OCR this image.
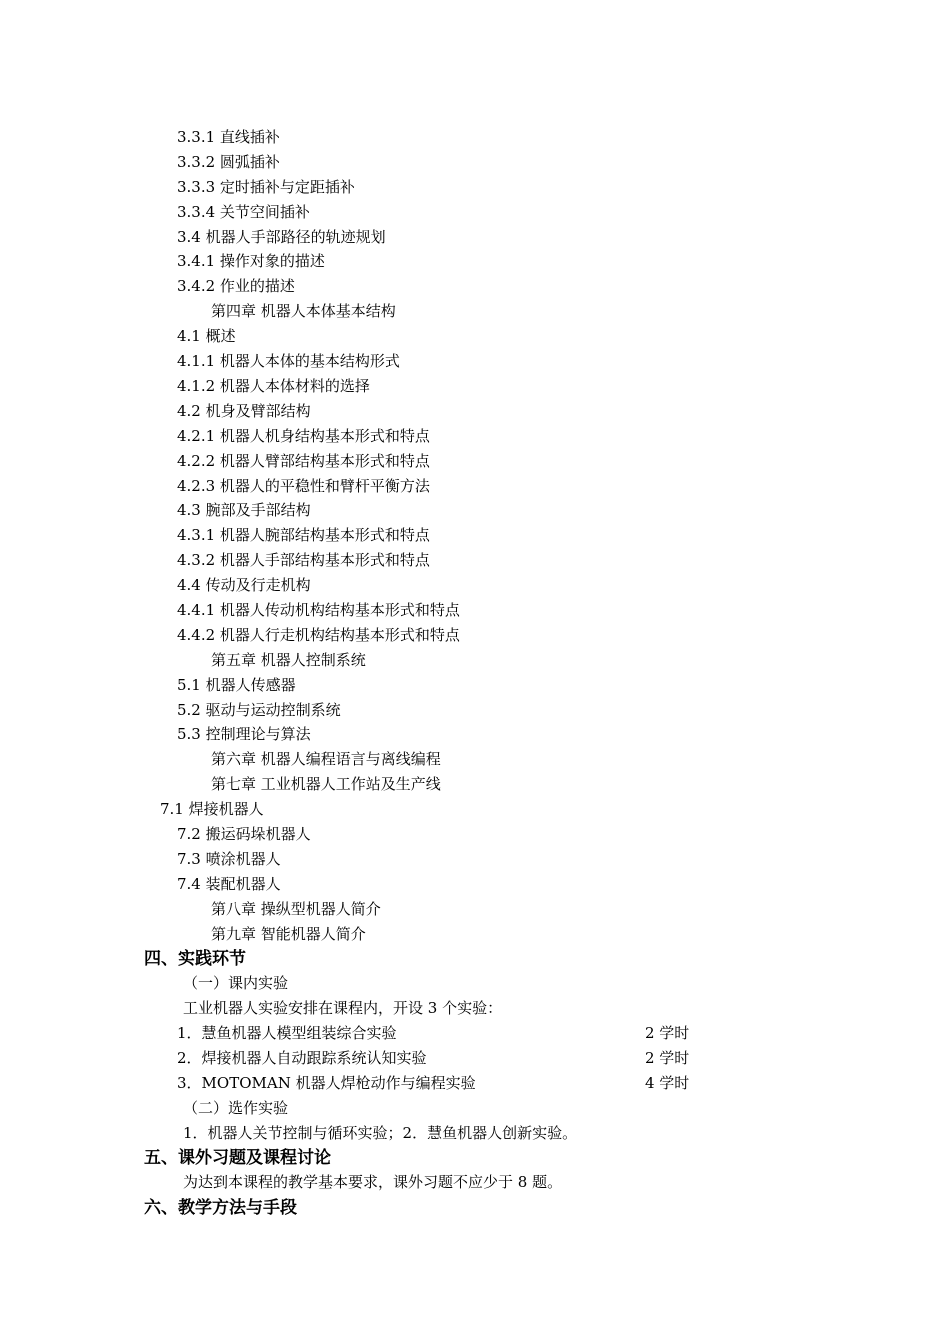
3.3.1 直线插补
3.3.2 圆弧插补
3.3.3 定时插补与定距插补
3.3.4 关节空间插补
3.4 机器人手部路径的轨迹规划
3.4.1 操作对象的描述
3.4.2 作业的描述
第四章 机器人本体基本结构
4.1 概述
4.1.1 机器人本体的基本结构形式
4.1.2 机器人本体材料的选择
4.2 机身及臂部结构
4.2.1 机器人机身结构基本形式和特点
4.2.2 机器人臂部结构基本形式和特点
4.2.3 机器人的平稳性和臂杆平衡方法
4.3 腕部及手部结构
4.3.1 机器人腕部结构基本形式和特点
4.3.2 机器人手部结构基本形式和特点
4.4 传动及行走机构
4.4.1 机器人传动机构结构基本形式和特点
4.4.2 机器人行走机构结构基本形式和特点
第五章 机器人控制系统
5.1 机器人传感器
5.2 驱动与运动控制系统
5.3 控制理论与算法
第六章 机器人编程语言与离线编程
第七章 工业机器人工作站及生产线
7.1 焊接机器人
7.2 搬运码垛机器人
7.3 喷涂机器人
7.4 装配机器人
第八章 操纵型机器人简介
第九章 智能机器人简介
四、实践环节
（一）课内实验
工业机器人实验安排在课程内，开设 3 个实验：
1．慧鱼机器人模型组装综合实验	2 学时
2．焊接机器人自动跟踪系统认知实验	2 学时
3．MOTOMAN 机器人焊枪动作与编程实验	4 学时
（二）选作实验
1．机器人关节控制与循环实验；2．慧鱼机器人创新实验。
五、课外习题及课程讨论
为达到本课程的教学基本要求，课外习题不应少于 8 题。
六、教学方法与手段
